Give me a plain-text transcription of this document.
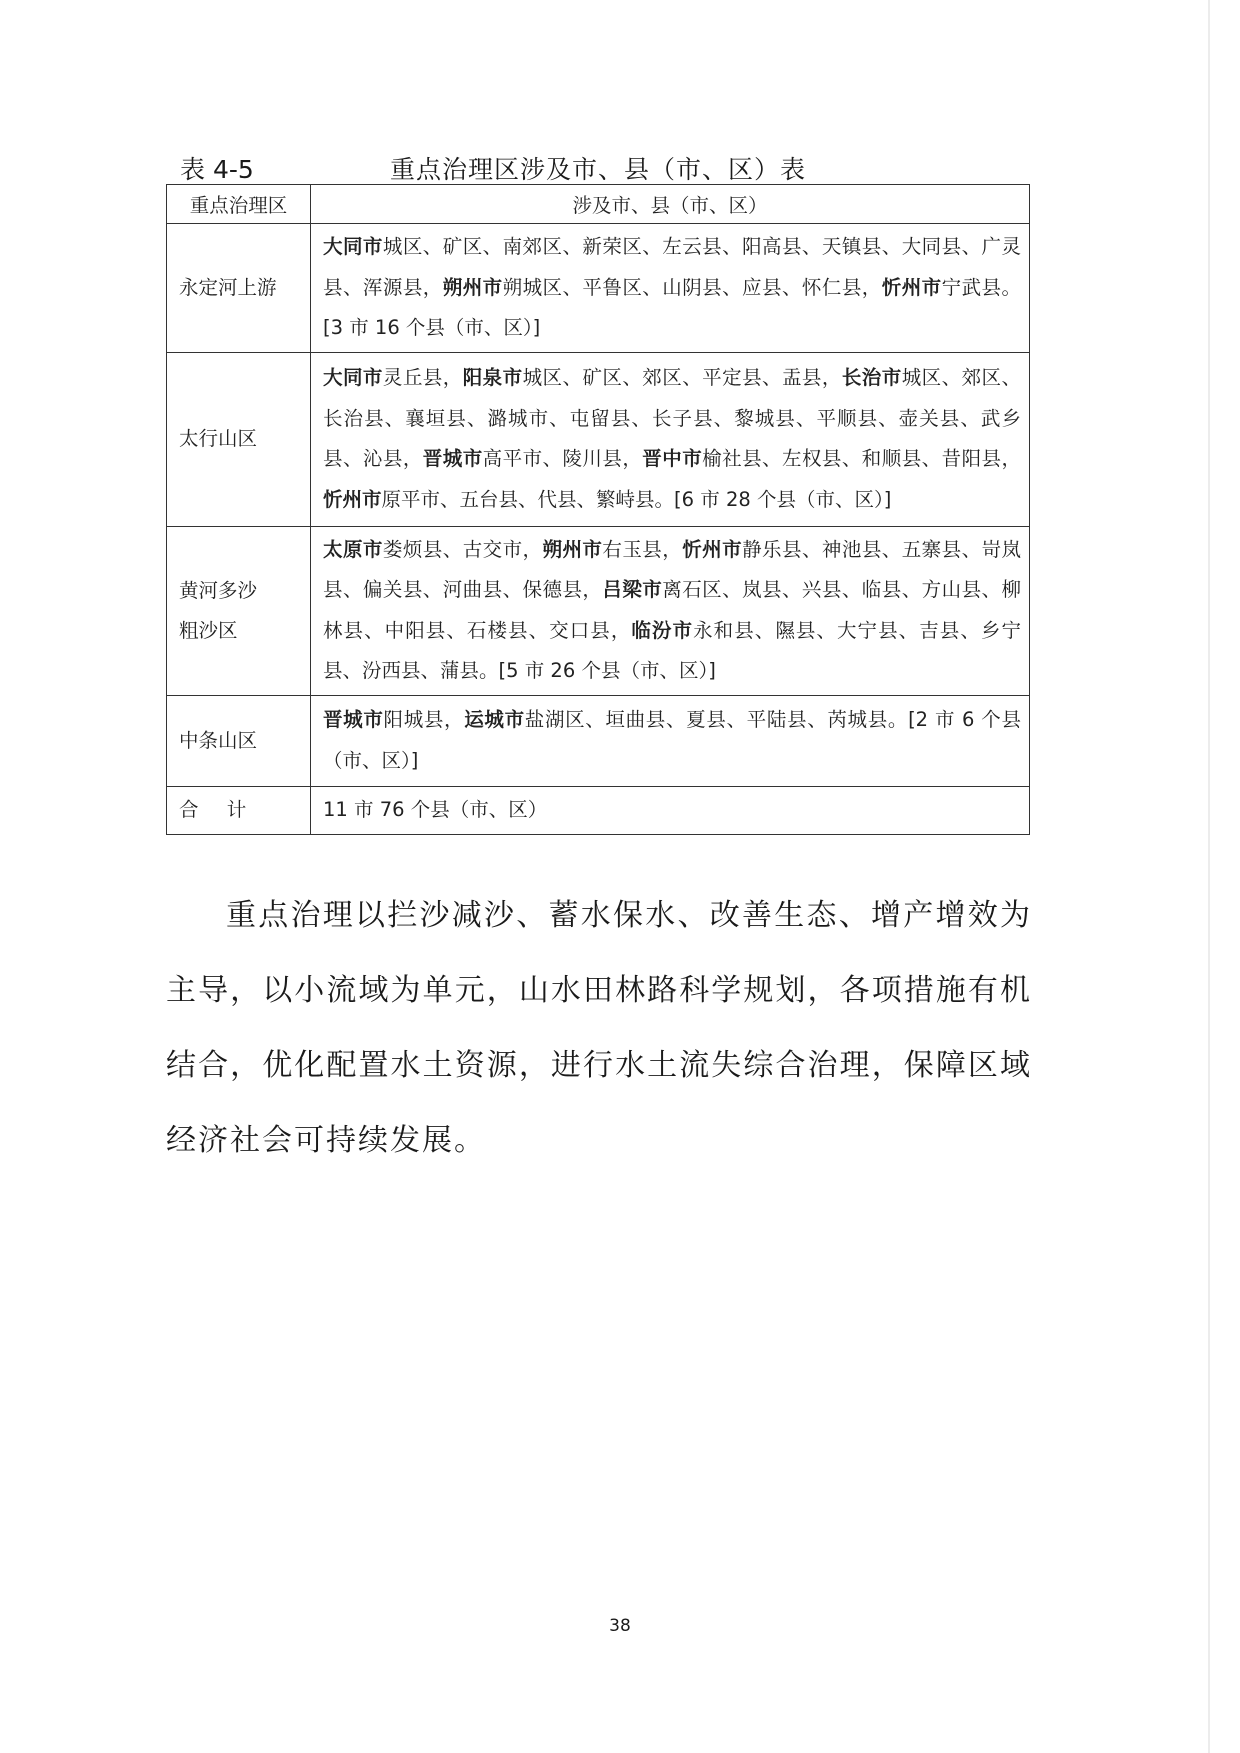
表 4-5	重点治理区涉及市、县（市、区）表
重点治理区	涉及市、县（市、区）
永定河上游	大同市城区、矿区、南郊区、新荣区、左云县、阳高县、天镇县、大同县、广灵县、浑源县，朔州市朔城区、平鲁区、山阴县、应县、怀仁县，忻州市宁武县。[3 市 16 个县（市、区）]
太行山区	大同市灵丘县，阳泉市城区、矿区、郊区、平定县、盂县，长治市城区、郊区、长治县、襄垣县、潞城市、屯留县、长子县、黎城县、平顺县、壶关县、武乡县、沁县，晋城市高平市、陵川县，晋中市榆社县、左权县、和顺县、昔阳县，忻州市原平市、五台县、代县、繁峙县。[6 市 28 个县（市、区）]

黄河多沙
粗沙区	太原市娄烦县、古交市，朔州市右玉县，忻州市静乐县、神池县、五寨县、岢岚县、偏关县、河曲县、保德县，吕梁市离石区、岚县、兴县、临县、方山县、柳林县、中阳县、石楼县、交口县，临汾市永和县、隰县、大宁县、吉县、乡宁县、汾西县、蒲县。[5 市 26 个县（市、区）]
中条山区	晋城市阳城县，运城市盐湖区、垣曲县、夏县、平陆县、芮城县。[2 市 6 个县（市、区）]
合 计	11 市 76 个县（市、区）

重点治理以拦沙减沙、蓄水保水、改善生态、增产增效为主导，以小流域为单元，山水田林路科学规划，各项措施有机结合，优化配置水土资源，进行水土流失综合治理，保障区域经济社会可持续发展。

38
